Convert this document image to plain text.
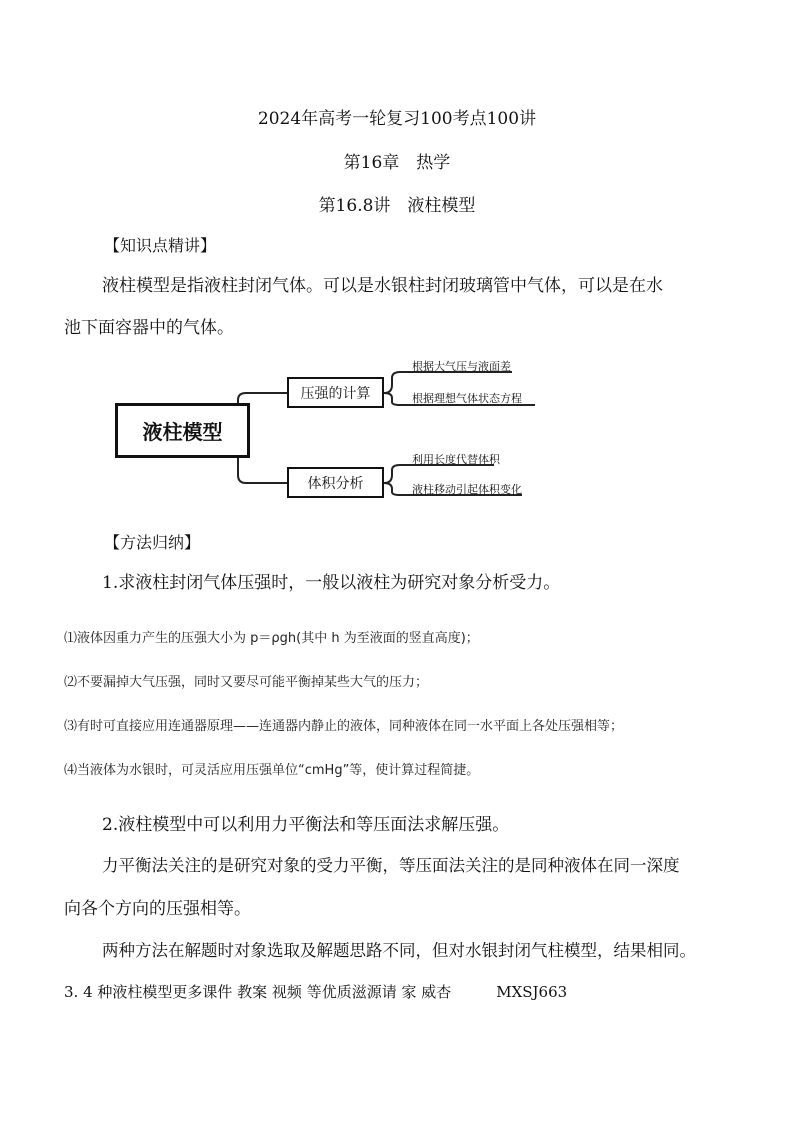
2024年高考一轮复习100考点100讲
第16章　热学
第16.8讲　液柱模型
【知识点精讲】
液柱模型是指液柱封闭气体。可以是水银柱封闭玻璃管中气体，可以是在水
池下面容器中的气体。
液柱模型
压强的计算
体积分析
根据大气压与液面差
根据理想气体状态方程
利用长度代替体积
液柱移动引起体积变化
【方法归纳】
1.求液柱封闭气体压强时，一般以液柱为研究对象分析受力。
⑴液体因重力产生的压强大小为 p＝ρgh(其中 h 为至液面的竖直高度)；
⑵不要漏掉大气压强，同时又要尽可能平衡掉某些大气的压力；
⑶有时可直接应用连通器原理——连通器内静止的液体，同种液体在同一水平面上各处压强相等；
⑷当液体为水银时，可灵活应用压强单位“cmHg”等，使计算过程简捷。
2.液柱模型中可以利用力平衡法和等压面法求解压强。
力平衡法关注的是研究对象的受力平衡，等压面法关注的是同种液体在同一深度
向各个方向的压强相等。
两种方法在解题时对象选取及解题思路不同，但对水银封闭气柱模型，结果相同。
3. 4 种液柱模型更多课件 教案 视频 等优质滋源请 家 威杏　　　MXSJ663
